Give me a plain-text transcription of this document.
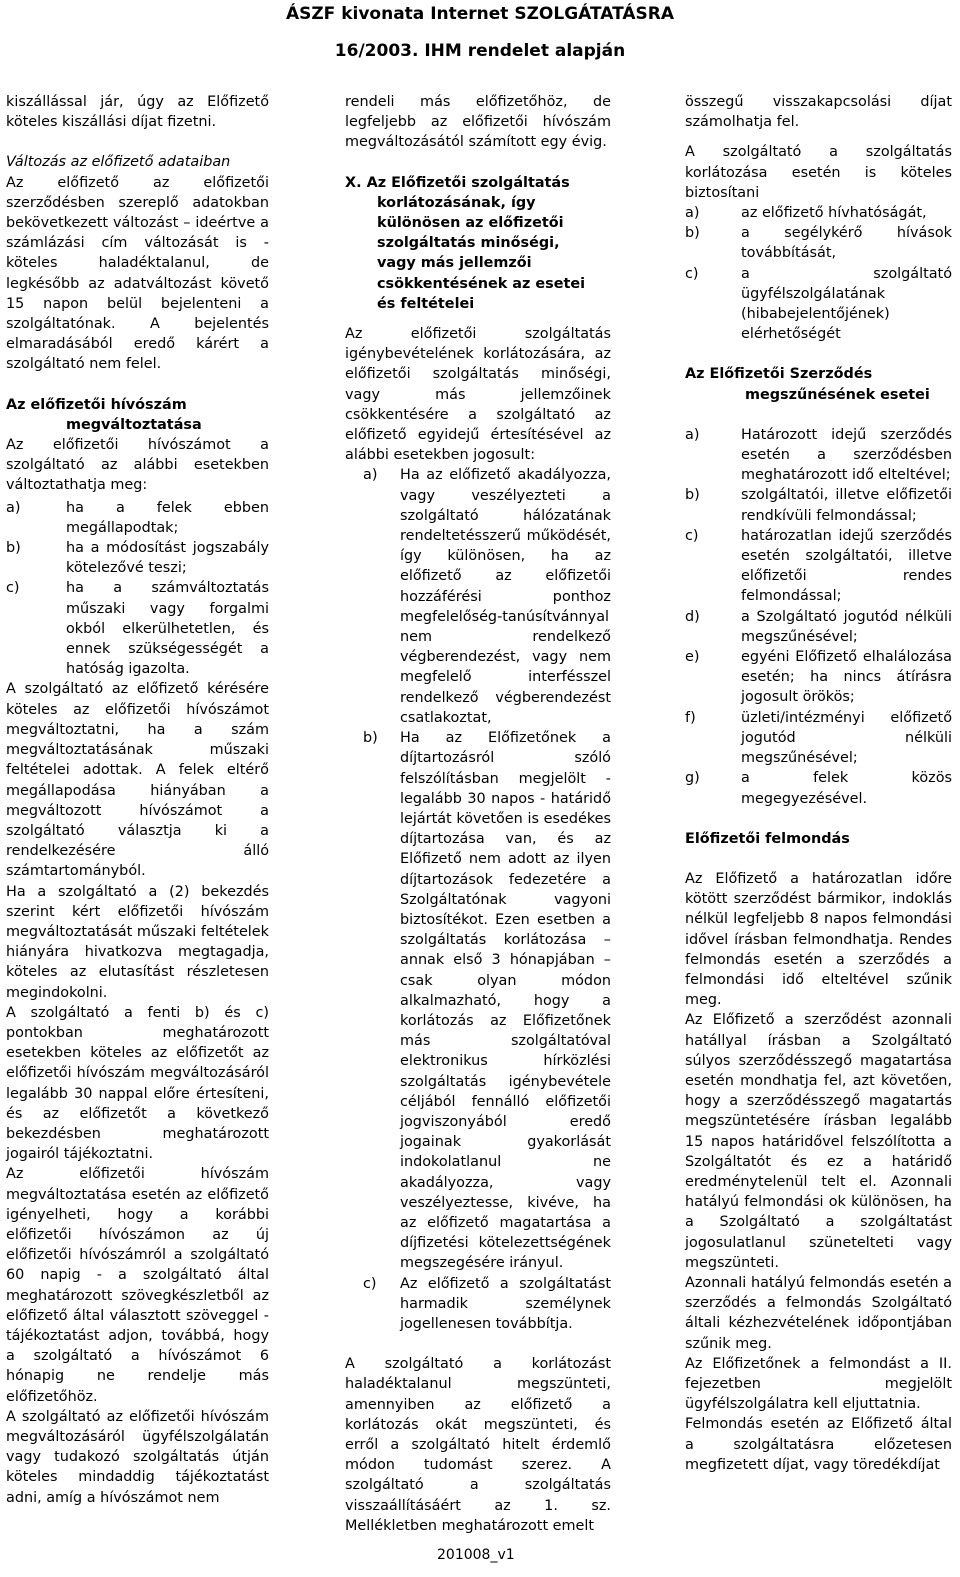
ÁSZF kivonata Internet SZOLGÁTATÁSRA
16/2003. IHM rendelet alapján

kiszállással jár, úgy az Előfizető köteles kiszállási díjat fizetni.

Változás az előfizető adataiban

Az előfizető az előfizetői szerződésben szereplő adatokban bekövetkezett változást – ideértve a számlázási cím változását is - köteles haladéktalanul, de legkésőbb az adatváltozást követő 15 napon belül bejelenteni a szolgáltatónak. A bejelentés elmaradásából eredő kárért a szolgáltató nem felel.

Az előfizetői hívószám
megváltoztatása

Az előfizetői hívószámot a szolgáltató az alábbi esetekben változtathatja meg:

a)	ha a felek ebben megállapodtak;
b)	ha a módosítást jogszabály kötelezővé teszi;
c)	ha a számváltoztatás műszaki vagy forgalmi okból elkerülhetetlen, és ennek szükségességét a hatóság igazolta.

A szolgáltató az előfizető kérésére köteles az előfizetői hívószámot megváltoztatni, ha a szám megváltoztatásának műszaki feltételei adottak. A felek eltérő megállapodása hiányában a megváltozott hívószámot a szolgáltató választja ki a rendelkezésére álló számtartományból.

Ha a szolgáltató a (2) bekezdés szerint kért előfizetői hívószám megváltoztatását műszaki feltételek hiányára hivatkozva megtagadja, köteles az elutasítást részletesen megindokolni.

A szolgáltató a fenti b) és c) pontokban meghatározott esetekben köteles az előfizetőt az előfizetői hívószám megváltozásáról legalább 30 nappal előre értesíteni, és az előfizetőt a következő bekezdésben meghatározott jogairól tájékoztatni.

Az előfizetői hívószám megváltoztatása esetén az előfizető igényelheti, hogy a korábbi előfizetői hívószámon az új előfizetői hívószámról a szolgáltató 60 napig - a szolgáltató által meghatározott szövegkészletből az előfizető által választott szöveggel - tájékoztatást adjon, továbbá, hogy a szolgáltató a hívószámot 6 hónapig ne rendelje más előfizetőhöz.

A szolgáltató az előfizetői hívószám megváltozásáról ügyfélszolgálatán vagy tudakozó szolgáltatás útján köteles mindaddig tájékoztatást adni, amíg a hívószámot nem

rendeli más előfizetőhöz, de legfeljebb az előfizetői hívószám megváltozásától számított egy évig.

X. Az Előfizetői szolgáltatás
korlátozásának, így
különösen az előfizetői
szolgáltatás minőségi,
vagy más jellemzői
csökkentésének az esetei
és feltételei

Az előfizetői szolgáltatás igénybevételének korlátozására, az előfizetői szolgáltatás minőségi, vagy más jellemzőinek csökkentésére a szolgáltató az előfizető egyidejű értesítésével az alábbi esetekben jogosult:

a)	Ha az előfizető akadályozza, vagy veszélyezteti a szolgáltató hálózatának rendeltetésszerű működését, így különösen, ha az előfizető az előfizetői hozzáférési ponthoz megfelelőség-tanúsítvánnyal nem rendelkező végberendezést, vagy nem megfelelő interfésszel rendelkező végberendezést csatlakoztat,
b)	Ha az Előfizetőnek a díjtartozásról szóló felszólításban megjelölt - legalább 30 napos - határidő lejártát követően is esedékes díjtartozása van, és az Előfizető nem adott az ilyen díjtartozások fedezetére a Szolgáltatónak vagyoni biztosítékot. Ezen esetben a szolgáltatás korlátozása – annak első 3 hónapjában – csak olyan módon alkalmazható, hogy a korlátozás az Előfizetőnek más szolgáltatóval elektronikus hírközlési szolgáltatás igénybevétele céljából fennálló előfizetői jogviszonyából eredő jogainak gyakorlását indokolatlanul ne akadályozza, vagy veszélyeztesse, kivéve, ha az előfizető magatartása a díjfizetési kötelezettségének megszegésére irányul.
c)	Az előfizető a szolgáltatást harmadik személynek jogellenesen továbbítja.

A szolgáltató a korlátozást haladéktalanul megszünteti, amennyiben az előfizető a korlátozás okát megszünteti, és erről a szolgáltató hitelt érdemlő módon tudomást szerez. A szolgáltató a szolgáltatás visszaállításáért az 1. sz. Mellékletben meghatározott emelt

összegű visszakapcsolási díjat számolhatja fel.

A szolgáltató a szolgáltatás korlátozása esetén is köteles biztosítani

a)	az előfizető hívhatóságát,
b)	a segélykérő hívások továbbítását,
c)	a szolgáltató ügyfélszolgálatának (hibabejelentőjének) elérhetőségét

Az Előfizetői Szerződés
megszűnésének esetei

a)	Határozott idejű szerződés esetén a szerződésben meghatározott idő elteltével;
b)	szolgáltatói, illetve előfizetői rendkívüli felmondással;
c)	határozatlan idejű szerződés esetén szolgáltatói, illetve előfizetői rendes felmondással;
d)	a Szolgáltató jogutód nélküli megszűnésével;
e)	egyéni Előfizető elhalálozása esetén; ha nincs átírásra jogosult örökös;
f)	üzleti/intézményi előfizető jogutód nélküli megszűnésével;
g)	a felek közös megegyezésével.

Előfizetői felmondás

Az Előfizető a határozatlan időre kötött szerződést bármikor, indoklás nélkül legfeljebb 8 napos felmondási idővel írásban felmondhatja. Rendes felmondás esetén a szerződés a felmondási idő elteltével szűnik meg.

Az Előfizető a szerződést azonnali hatállyal írásban a Szolgáltató súlyos szerződésszegő magatartása esetén mondhatja fel, azt követően, hogy a szerződésszegő magatartás megszüntetésére írásban legalább 15 napos határidővel felszólította a Szolgáltatót és ez a határidő eredménytelenül telt el. Azonnali hatályú felmondási ok különösen, ha a Szolgáltató a szolgáltatást jogosulatlanul szünetelteti vagy megszünteti.

Azonnali hatályú felmondás esetén a szerződés a felmondás Szolgáltató általi kézhezvételének időpontjában szűnik meg.

Az Előfizetőnek a felmondást a II. fejezetben megjelölt ügyfélszolgálatra kell eljuttatnia.

Felmondás esetén az Előfizető által a szolgáltatásra előzetesen megfizetett díjat, vagy töredékdíjat

201008_v1
